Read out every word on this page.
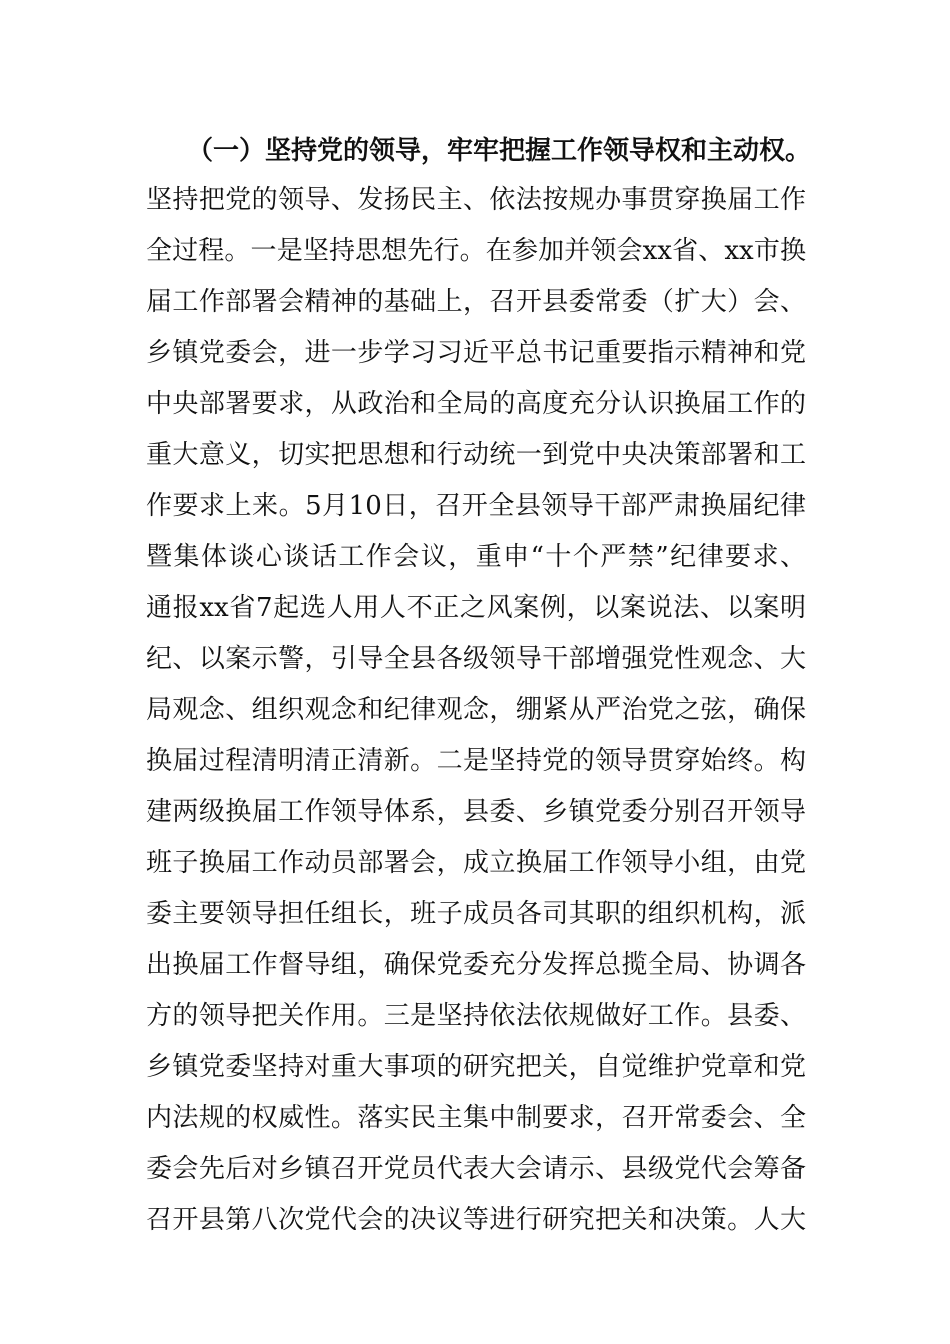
（一）坚持党的领导，牢牢把握工作领导权和主动权。
坚持把党的领导、发扬民主、依法按规办事贯穿换届工作
全过程。一是坚持思想先行。在参加并领会xx省、xx市换
届工作部署会精神的基础上，召开县委常委（扩大）会、
乡镇党委会，进一步学习习近平总书记重要指示精神和党
中央部署要求，从政治和全局的高度充分认识换届工作的
重大意义，切实把思想和行动统一到党中央决策部署和工
作要求上来。5月10日，召开全县领导干部严肃换届纪律
暨集体谈心谈话工作会议，重申“十个严禁”纪律要求、
通报xx省7起选人用人不正之风案例，以案说法、以案明
纪、以案示警，引导全县各级领导干部增强党性观念、大
局观念、组织观念和纪律观念，绷紧从严治党之弦，确保
换届过程清明清正清新。二是坚持党的领导贯穿始终。构
建两级换届工作领导体系，县委、乡镇党委分别召开领导
班子换届工作动员部署会，成立换届工作领导小组，由党
委主要领导担任组长，班子成员各司其职的组织机构，派
出换届工作督导组，确保党委充分发挥总揽全局、协调各
方的领导把关作用。三是坚持依法依规做好工作。县委、
乡镇党委坚持对重大事项的研究把关，自觉维护党章和党
内法规的权威性。落实民主集中制要求，召开常委会、全
委会先后对乡镇召开党员代表大会请示、县级党代会筹备
召开县第八次党代会的决议等进行研究把关和决策。人大
